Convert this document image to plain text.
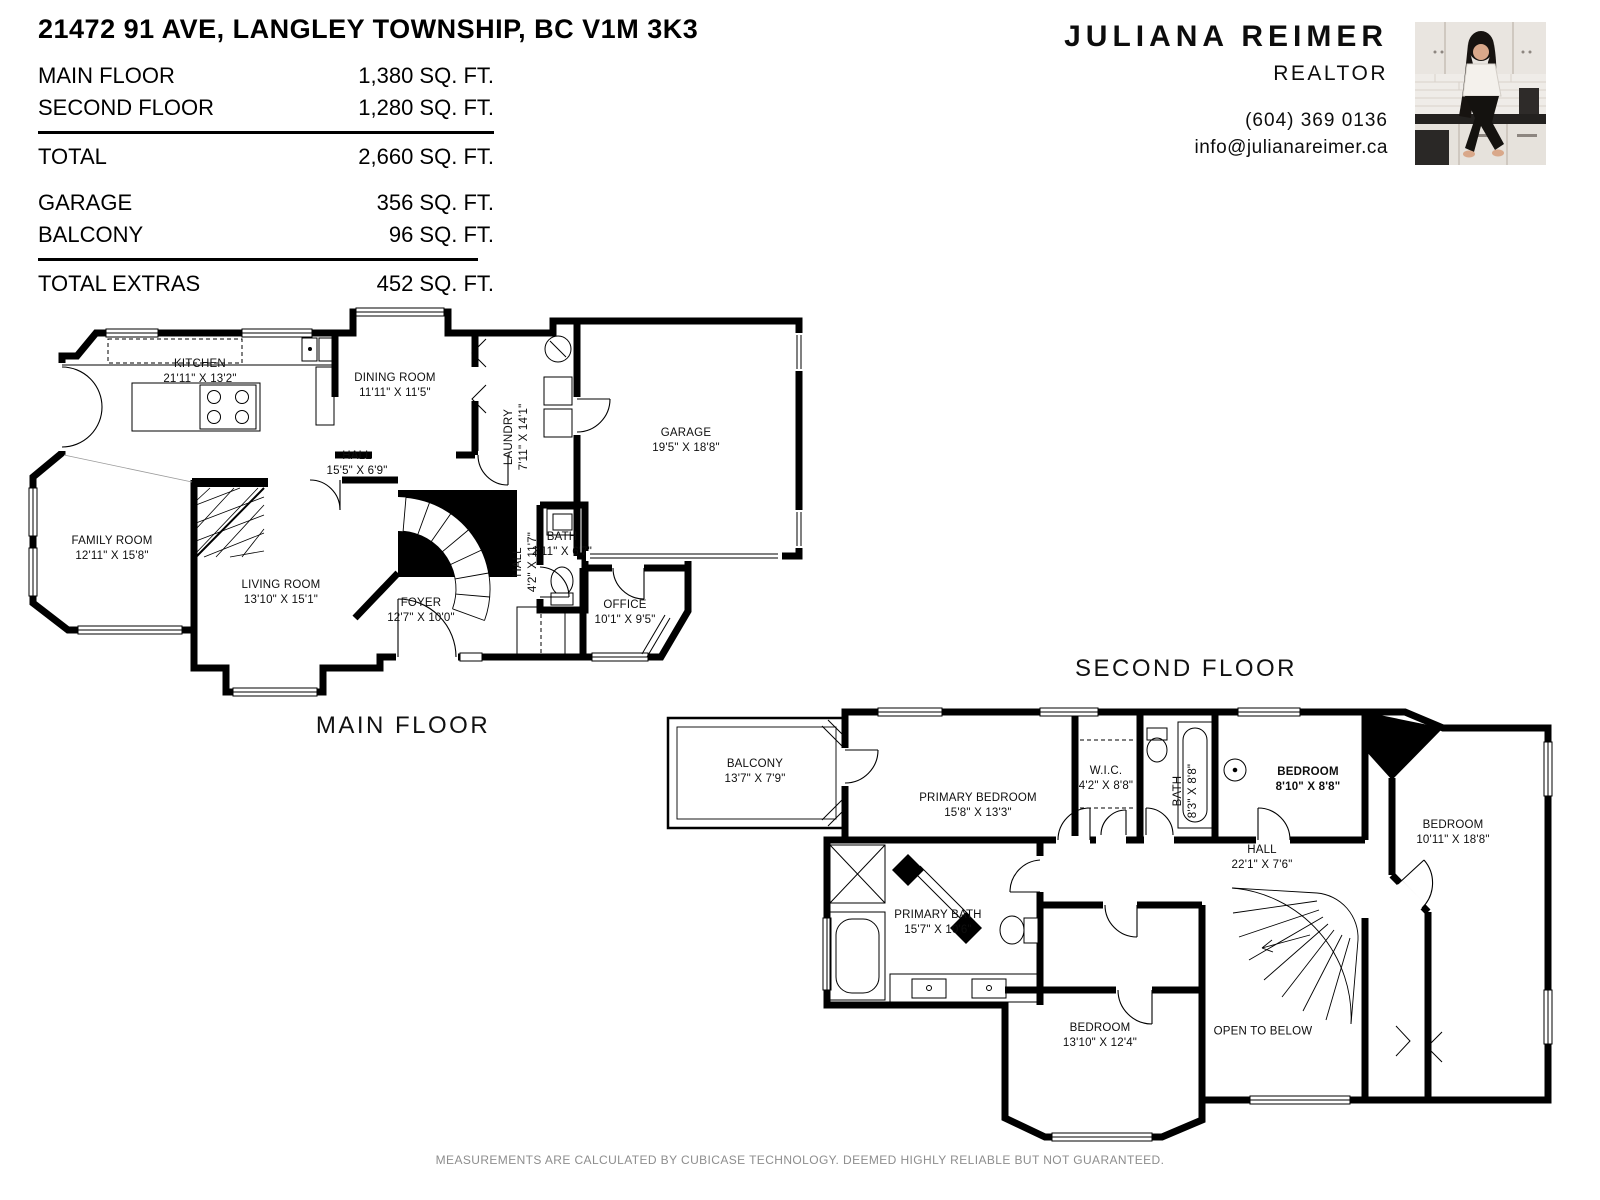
21472 91 AVE, LANGLEY TOWNSHIP, BC V1M 3K3
MAIN FLOOR	1,380 SQ. FT.
SECOND FLOOR	1,280 SQ. FT.
TOTAL	2,660 SQ. FT.
GARAGE	356 SQ. FT.
BALCONY	96 SQ. FT.
TOTAL EXTRAS	452 SQ. FT.
JULIANA REIMER
REALTOR
(604) 369 0136
info@julianareimer.ca
MAIN FLOOR
SECOND FLOOR
KITCHEN
21'11" X 13'2"	DINING ROOM
11'11" X 11'5"
LAUNDRY 7'11" X 14'1"	GARAGE
19'5" X 18'8"
HALL
15'5" X 6'9"
FAMILY ROOM
12'11" X 15'8"
LIVING ROOM
13'10" X 15'1"	FOYER
12'7" X 10'0"
HALL 4'2" X 11'7" BATH
2'11" X 6'7"
OFFICE
10'1" X 9'5"
BALCONY
13'7" X 7'9"
PRIMARY BEDROOM
15'8" X 13'3"
W.I.C.
4'2" X 8'8"	BATH 8'3" X 8'8"	BEDROOM
8'10" X 8'8"
BEDROOM
10'11" X 18'8"
HALL
22'1" X 7'6"
PRIMARY BATH
15'7" X 10'6"
BEDROOM
13'10" X 12'4"
OPEN TO BELOW
MEASUREMENTS ARE CALCULATED BY CUBICASE TECHNOLOGY. DEEMED HIGHLY RELIABLE BUT NOT GUARANTEED.
